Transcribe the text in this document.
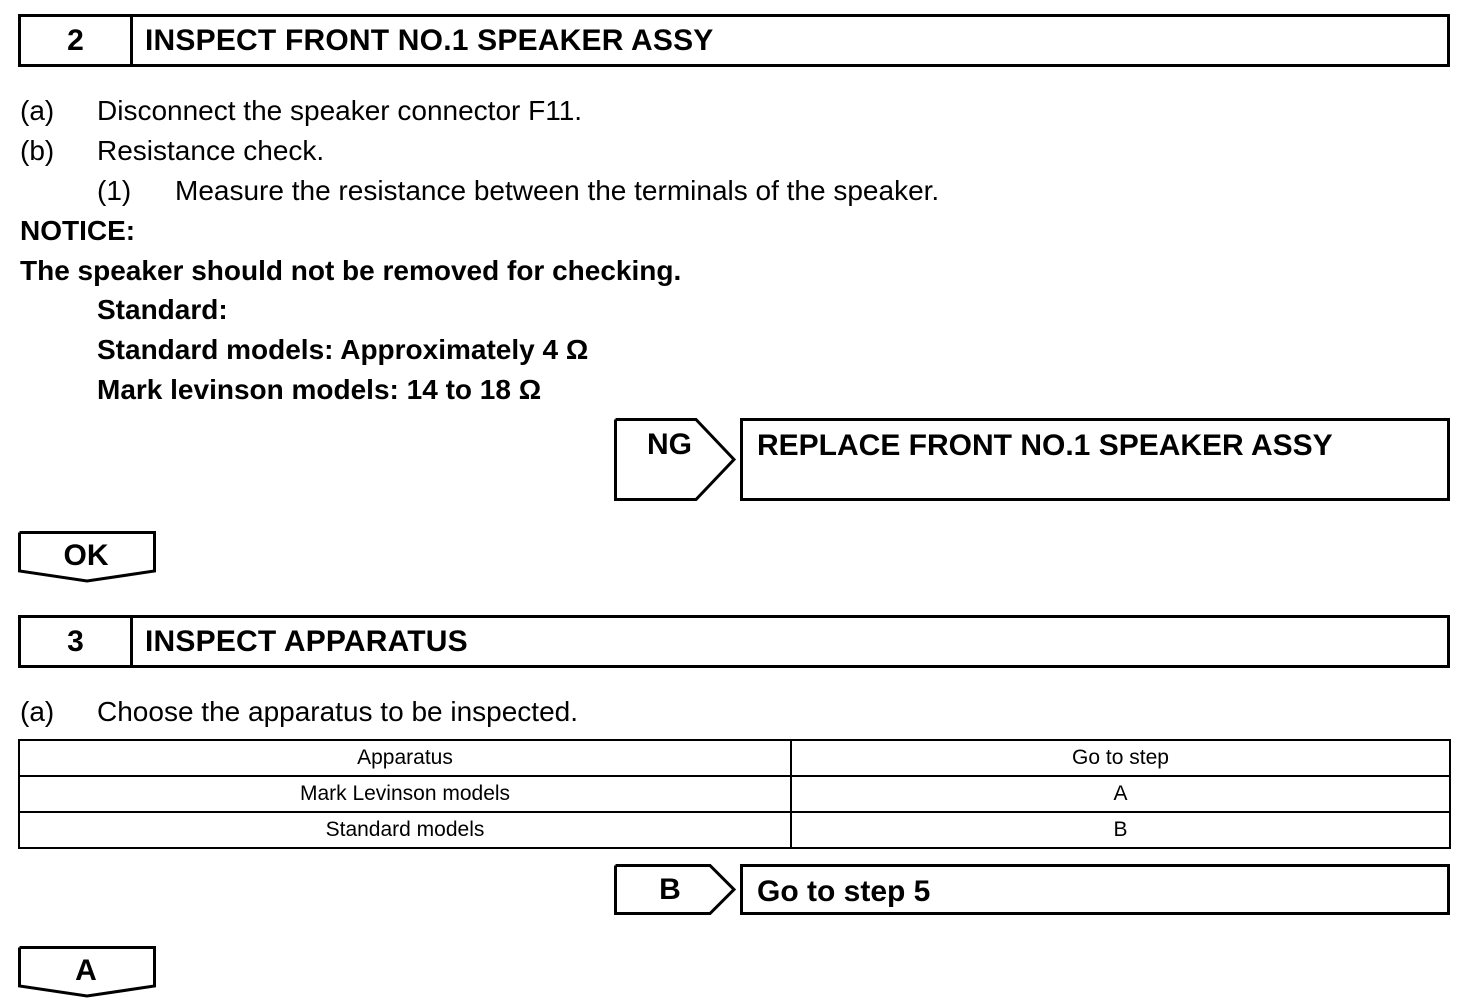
2	INSPECT FRONT NO.1 SPEAKER ASSY
(a) Disconnect the speaker connector F11.
(b) Resistance check.
(1) Measure the resistance between the terminals of the speaker.
NOTICE:
The speaker should not be removed for checking.
Standard:
Standard models: Approximately 4 Ω
Mark levinson models: 14 to 18 Ω
NG	REPLACE FRONT NO.1 SPEAKER ASSY
OK
3	INSPECT APPARATUS
(a) Choose the apparatus to be inspected.
Apparatus	Go to step
Mark Levinson models	A
Standard models	B
B	Go to step 5
A
